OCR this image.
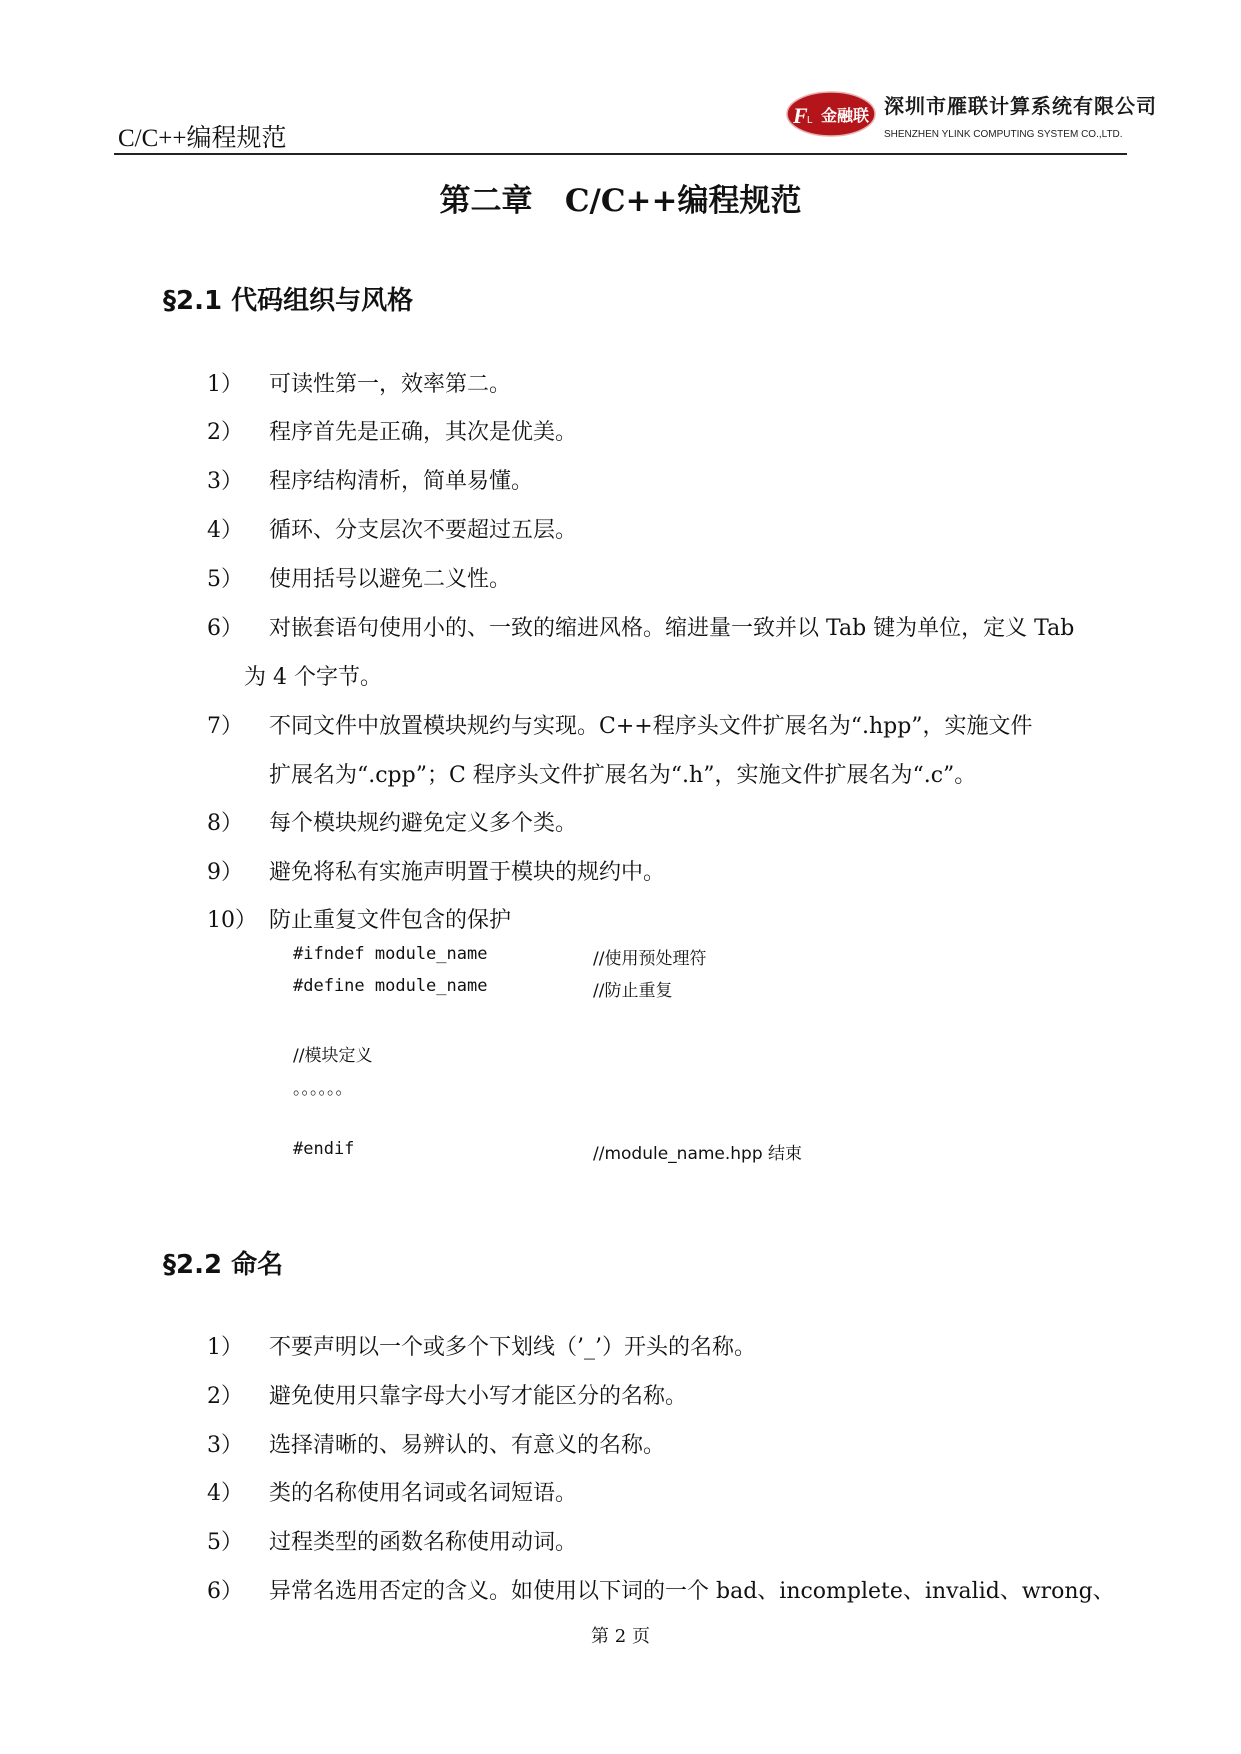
C/C++编程规范
F L 金融联 深圳市雁联计算系统有限公司
SHENZHEN YLINK COMPUTING SYSTEM CO.,LTD.
第二章   C/C++编程规范
§2.1 代码组织与风格
1） 可读性第一，效率第二。
2） 程序首先是正确，其次是优美。
3） 程序结构清析，简单易懂。
4） 循环、分支层次不要超过五层。
5） 使用括号以避免二义性。
6） 对嵌套语句使用小的、一致的缩进风格。缩进量一致并以 Tab 键为单位，定义 Tab
为 4 个字节。
7） 不同文件中放置模块规约与实现。C++程序头文件扩展名为“.hpp”，实施文件
扩展名为“.cpp”；C 程序头文件扩展名为“.h”，实施文件扩展名为“.c”。
8） 每个模块规约避免定义多个类。
9） 避免将私有实施声明置于模块的规约中。
10） 防止重复文件包含的保护
#ifndef module_name	//使用预处理符
#define module_name	//防止重复
//模块定义
。。。。。。
#endif	//module_name.hpp 结束
§2.2 命名
1） 不要声明以一个或多个下划线（’_’）开头的名称。
2） 避免使用只靠字母大小写才能区分的名称。
3） 选择清晰的、易辨认的、有意义的名称。
4） 类的名称使用名词或名词短语。
5） 过程类型的函数名称使用动词。
6） 异常名选用否定的含义。如使用以下词的一个 bad、incomplete、invalid、wrong、
第 2 页
